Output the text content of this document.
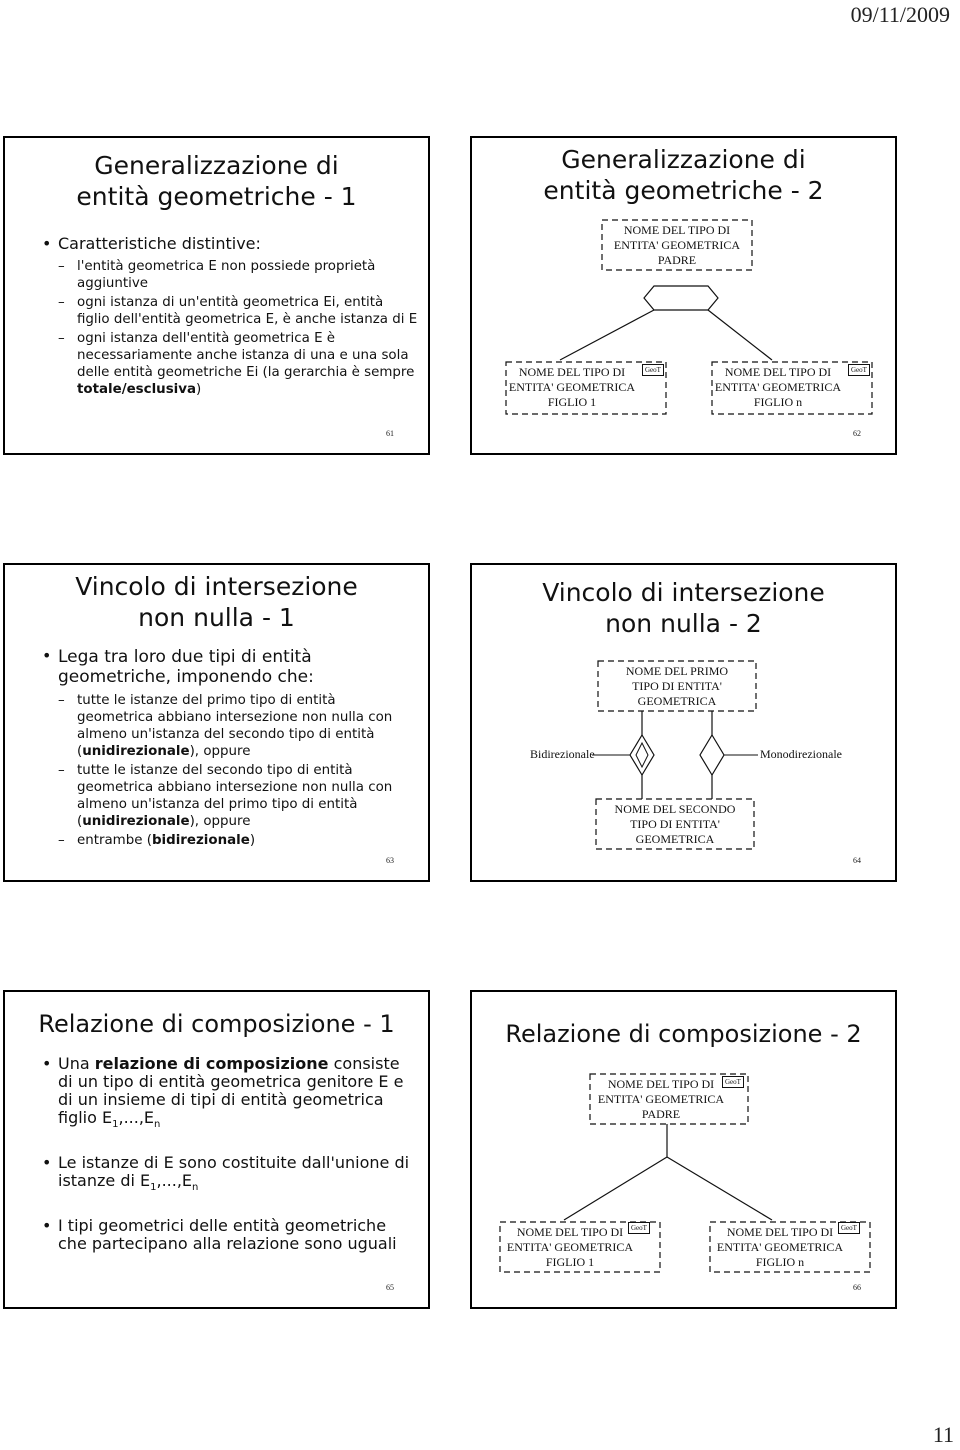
09/11/2009
Generalizzazione di
entità geometriche - 1
• Caratteristiche distintive:
– l'entità geometrica E non possiede proprietà aggiuntive
– ogni istanza di un'entità geometrica Ei, entità figlio dell'entità geometrica E, è anche istanza di E
– ogni istanza dell'entità geometrica E è necessariamente anche istanza di una e una sola delle entità geometriche Ei (la gerarchia è sempre totale/esclusiva)
61
Generalizzazione di
entità geometriche - 2
NOME DEL TIPO DI
ENTITA' GEOMETRICA
PADRE
NOME DEL TIPO DI
ENTITA' GEOMETRICA
FIGLIO 1
GeoT	NOME DEL TIPO DI
ENTITA' GEOMETRICA
FIGLIO n
GeoT
62
Vincolo di intersezione
non nulla - 1
• Lega tra loro due tipi di entità geometriche, imponendo che:
– tutte le istanze del primo tipo di entità geometrica abbiano intersezione non nulla con almeno un'istanza del secondo tipo di entità (unidirezionale), oppure
– tutte le istanze del secondo tipo di entità geometrica abbiano intersezione non nulla con almeno un'istanza del primo tipo di entità (unidirezionale), oppure
– entrambe (bidirezionale)
63
Vincolo di intersezione
non nulla - 2
NOME DEL PRIMO
TIPO DI ENTITA'
GEOMETRICA
NOME DEL SECONDO
TIPO DI ENTITA'
GEOMETRICA
Bidirezionale	Monodirezionale
64
Relazione di composizione - 1
• Una relazione di composizione consiste di un tipo di entità geometrica genitore E e di un insieme di tipi di entità geometrica figlio $E_1,...,E_n$
• Le istanze di E sono costituite dall'unione di istanze di $E_1,...,E_n$
• I tipi geometrici delle entità geometriche che partecipano alla relazione sono uguali
65
Relazione di composizione - 2
NOME DEL TIPO DI
ENTITA' GEOMETRICA
PADRE
GeoT
NOME DEL TIPO DI
ENTITA' GEOMETRICA
FIGLIO 1
GeoT	NOME DEL TIPO DI
ENTITA' GEOMETRICA
FIGLIO n
GeoT
66
11
